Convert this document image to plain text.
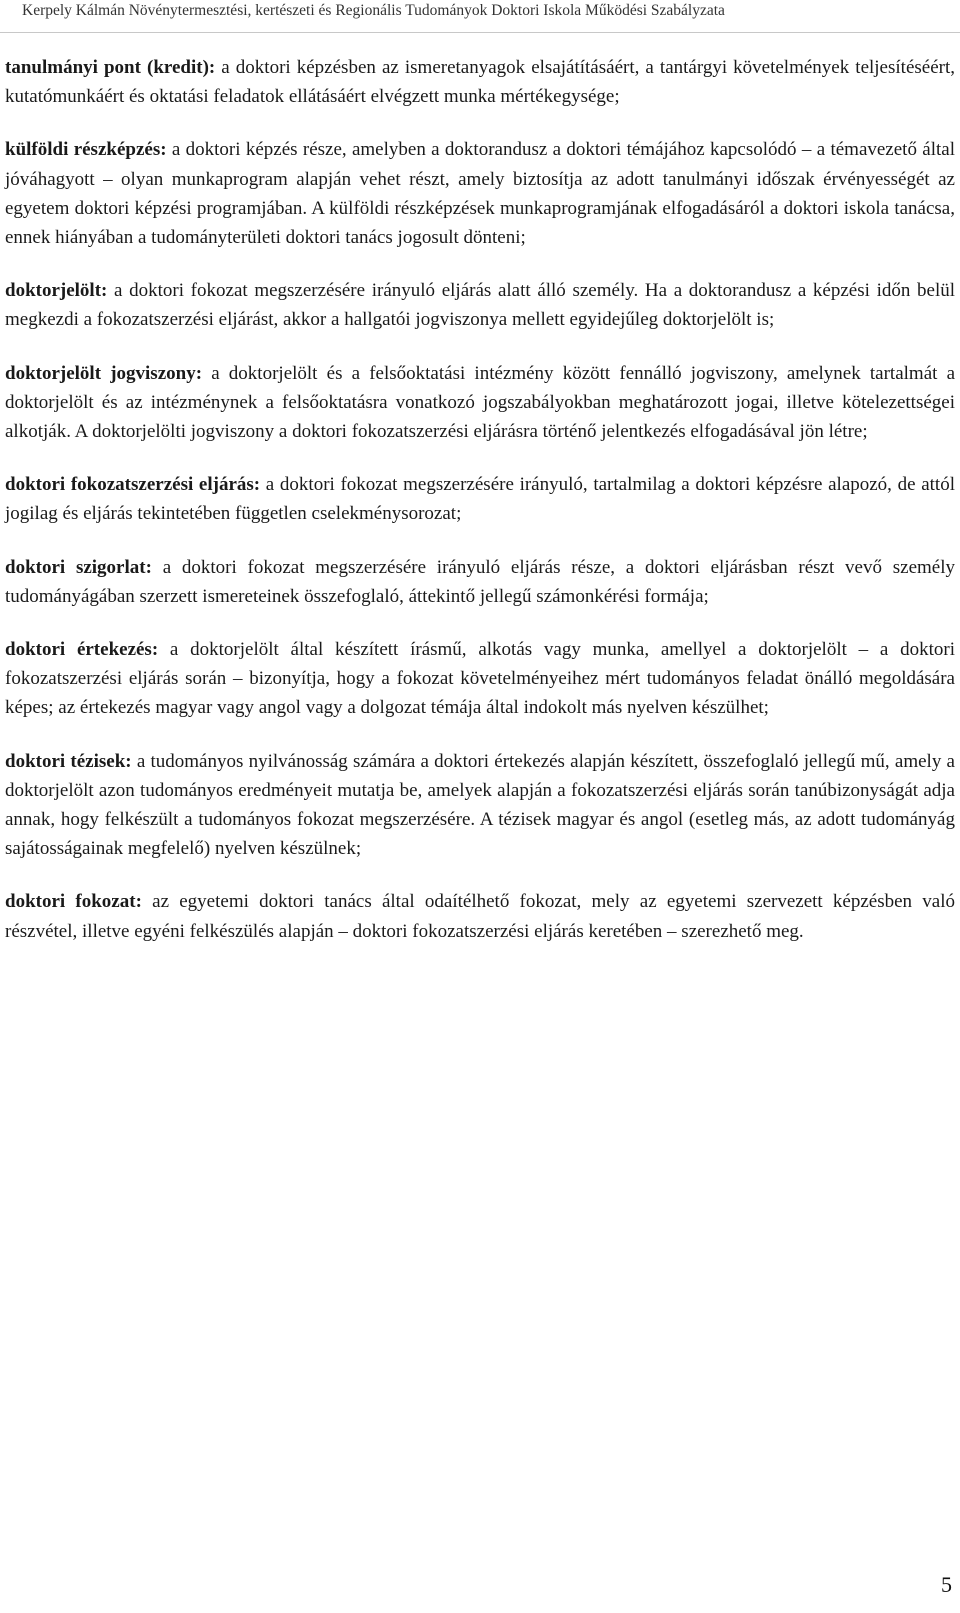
Kerpely Kálmán Növénytermesztési, kertészeti és Regionális Tudományok Doktori Iskola Működési Szabályzata

tanulmányi pont (kredit): a doktori képzésben az ismeretanyagok elsajátításáért, a tantárgyi követelmények teljesítéséért, kutatómunkáért és oktatási feladatok ellátásáért elvégzett munka mértékegysége;

külföldi részképzés: a doktori képzés része, amelyben a doktorandusz a doktori témájához kapcsolódó – a témavezető által jóváhagyott – olyan munkaprogram alapján vehet részt, amely biztosítja az adott tanulmányi időszak érvényességét az egyetem doktori képzési programjában. A külföldi részképzések munkaprogramjának elfogadásáról a doktori iskola tanácsa, ennek hiányában a tudományterületi doktori tanács jogosult dönteni;

doktorjelölt: a doktori fokozat megszerzésére irányuló eljárás alatt álló személy. Ha a doktorandusz a képzési időn belül megkezdi a fokozatszerzési eljárást, akkor a hallgatói jogviszonya mellett egyidejűleg doktorjelölt is;

doktorjelölt jogviszony: a doktorjelölt és a felsőoktatási intézmény között fennálló jogviszony, amelynek tartalmát a doktorjelölt és az intézménynek a felsőoktatásra vonatkozó jogszabályokban meghatározott jogai, illetve kötelezettségei alkotják. A doktorjelölti jogviszony a doktori fokozatszerzési eljárásra történő jelentkezés elfogadásával jön létre;

doktori fokozatszerzési eljárás: a doktori fokozat megszerzésére irányuló, tartalmilag a doktori képzésre alapozó, de attól jogilag és eljárás tekintetében független cselekménysorozat;

doktori szigorlat: a doktori fokozat megszerzésére irányuló eljárás része, a doktori eljárásban részt vevő személy tudományágában szerzett ismereteinek összefoglaló, áttekintő jellegű számonkérési formája;

doktori értekezés: a doktorjelölt által készített írásmű, alkotás vagy munka, amellyel a doktorjelölt – a doktori fokozatszerzési eljárás során – bizonyítja, hogy a fokozat követelményeihez mért tudományos feladat önálló megoldására képes; az értekezés magyar vagy angol vagy a dolgozat témája által indokolt más nyelven készülhet;

doktori tézisek: a tudományos nyilvánosság számára a doktori értekezés alapján készített, összefoglaló jellegű mű, amely a doktorjelölt azon tudományos eredményeit mutatja be, amelyek alapján a fokozatszerzési eljárás során tanúbizonyságát adja annak, hogy felkészült a tudományos fokozat megszerzésére. A tézisek magyar és angol (esetleg más, az adott tudományág sajátosságainak megfelelő) nyelven készülnek;

doktori fokozat: az egyetemi doktori tanács által odaítélhető fokozat, mely az egyetemi szervezett képzésben való részvétel, illetve egyéni felkészülés alapján – doktori fokozatszerzési eljárás keretében – szerezhető meg.

5
